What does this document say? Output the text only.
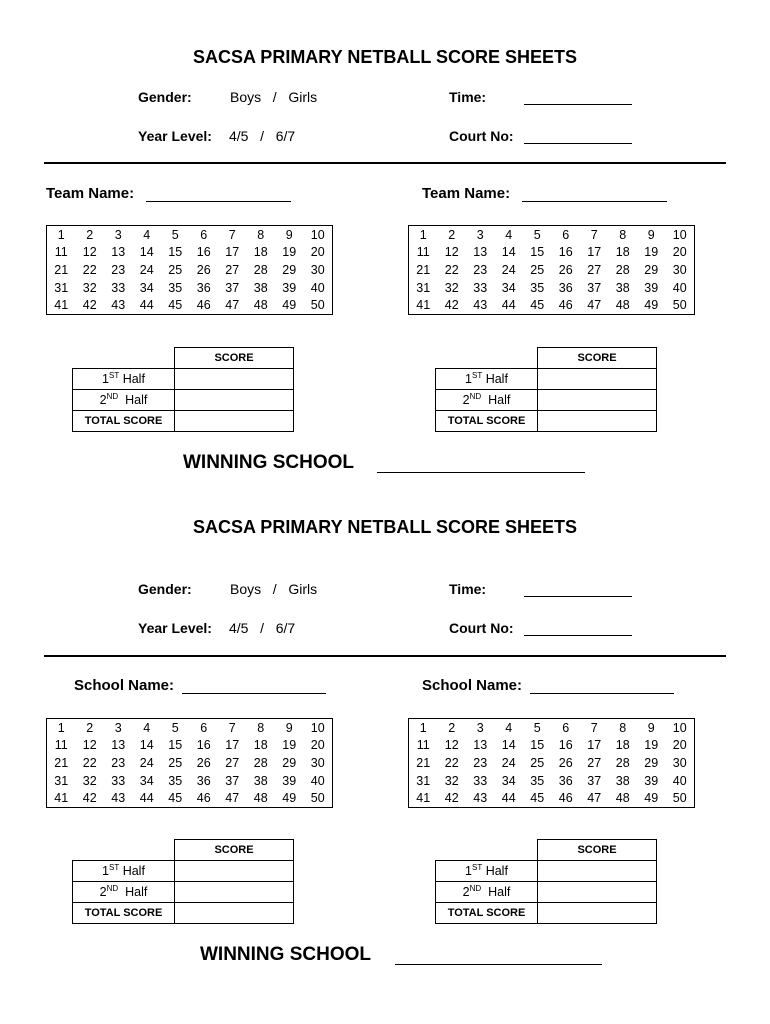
SACSA PRIMARY NETBALL SCORE SHEETS
Gender:	Boys   /   Girls	Time:
Year Level: 4/5   /   6/7	Court No:
Team Name:	Team Name:
1	2	3	4	5	6	7	8	9	10
11	12	13	14	15	16	17	18	19	20
21	22	23	24	25	26	27	28	29	30
31	32	33	34	35	36	37	38	39	40
41	42	43	44	45	46	47	48	49	50
1	2	3	4	5	6	7	8	9	10
11	12	13	14	15	16	17	18	19	20
21	22	23	24	25	26	27	28	29	30
31	32	33	34	35	36	37	38	39	40
41	42	43	44	45	46	47	48	49	50
	SCORE
1ST Half	
2ND  Half	
TOTAL SCORE	
	SCORE
1ST Half	
2ND  Half	
TOTAL SCORE	
WINNING SCHOOL
SACSA PRIMARY NETBALL SCORE SHEETS
Gender:	Boys   /   Girls	Time:
Year Level: 4/5   /   6/7	Court No:
School Name:	School Name:
1	2	3	4	5	6	7	8	9	10
11	12	13	14	15	16	17	18	19	20
21	22	23	24	25	26	27	28	29	30
31	32	33	34	35	36	37	38	39	40
41	42	43	44	45	46	47	48	49	50
1	2	3	4	5	6	7	8	9	10
11	12	13	14	15	16	17	18	19	20
21	22	23	24	25	26	27	28	29	30
31	32	33	34	35	36	37	38	39	40
41	42	43	44	45	46	47	48	49	50
	SCORE
1ST Half	
2ND  Half	
TOTAL SCORE	
	SCORE
1ST Half	
2ND  Half	
TOTAL SCORE	
WINNING SCHOOL
